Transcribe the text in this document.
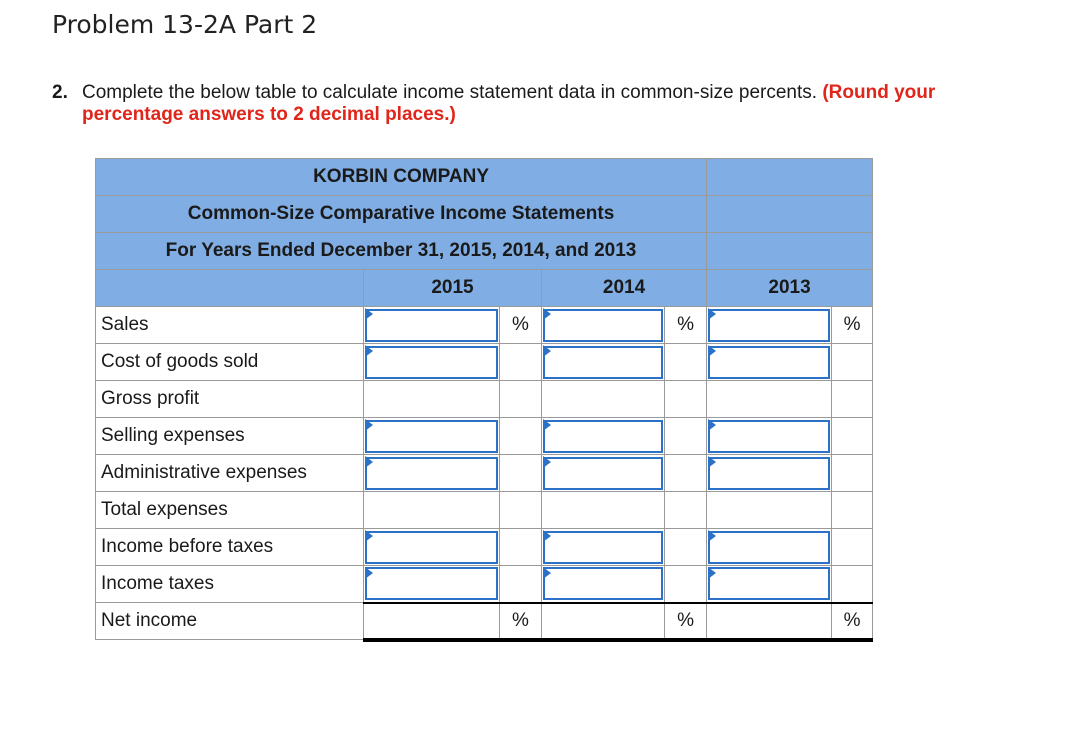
Problem 13-2A Part 2
2. Complete the below table to calculate income statement data in common-size percents. (Round your
percentage answers to 2 decimal places.)
KORBIN COMPANY						
Common-Size Comparative Income Statements						
For Years Ended December 31, 2015, 2014, and 2013						
	2015		2014		2013	
Sales		%		%		%
Cost of goods sold	

Gross profit						
Selling expenses	

Administrative expenses	

Total expenses						
Income before taxes	

Income taxes	

Net income		%		%		%
